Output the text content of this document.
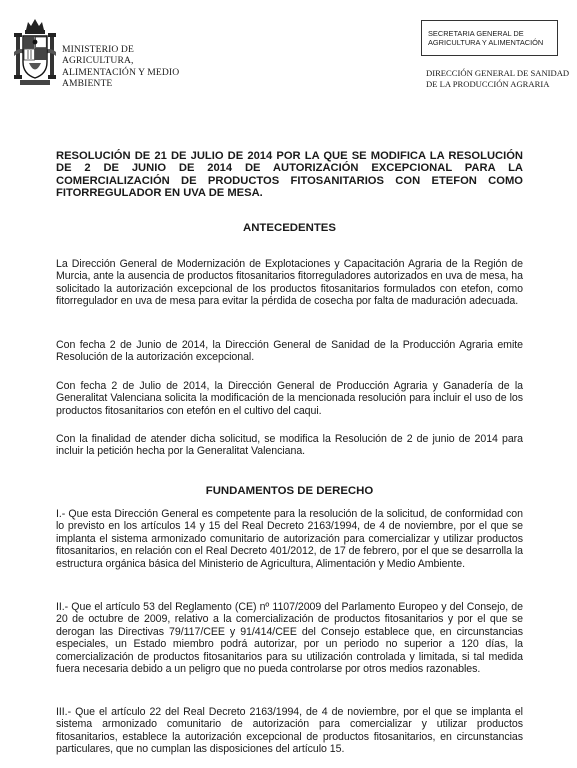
MINISTERIO DE
AGRICULTURA,
ALIMENTACIÓN Y MEDIO
AMBIENTE
SECRETARIA GENERAL DE
AGRICULTURA Y ALIMENTACIÓN
DIRECCIÓN GENERAL DE SANIDAD
DE LA PRODUCCIÓN AGRARIA
RESOLUCIÓN DE 21 DE JULIO DE 2014 POR LA QUE SE MODIFICA LA RESOLUCIÓN DE 2 DE JUNIO DE 2014 DE AUTORIZACIÓN EXCEPCIONAL PARA LA COMERCIALIZACIÓN DE PRODUCTOS FITOSANITARIOS CON ETEFON COMO FITORREGULADOR EN UVA DE MESA.
ANTECEDENTES
La Dirección General de Modernización de Explotaciones y Capacitación Agraria de la Región de Murcia, ante la ausencia de productos fitosanitarios fitorreguladores autorizados en uva de mesa, ha solicitado la autorización excepcional de los productos fitosanitarios formulados con etefon, como fitorregulador en uva de mesa para evitar la pérdida de cosecha por falta de maduración adecuada.
Con fecha 2 de Junio de 2014, la Dirección General de Sanidad de la Producción Agraria emite Resolución de la autorización excepcional.
Con fecha 2 de Julio de 2014, la Dirección General de Producción Agraria y Ganadería de la Generalitat Valenciana solicita la modificación de la mencionada resolución para incluir el uso de los productos fitosanitarios con etefón en el cultivo del caqui.
Con la finalidad de atender dicha solicitud, se modifica la Resolución de 2 de junio de 2014 para incluir la petición hecha por la Generalitat Valenciana.
FUNDAMENTOS DE DERECHO
I.- Que esta Dirección General es competente para la resolución de la solicitud, de conformidad con lo previsto en los artículos 14 y 15 del Real Decreto 2163/1994, de 4 de noviembre, por el que se implanta el sistema armonizado comunitario de autorización para comercializar y utilizar productos fitosanitarios, en relación con el Real Decreto 401/2012, de 17 de febrero, por el que se desarrolla la estructura orgánica básica del Ministerio de Agricultura, Alimentación y Medio Ambiente.
II.- Que el artículo 53 del Reglamento (CE) nº 1107/2009 del Parlamento Europeo y del Consejo, de 20 de octubre de 2009, relativo a la comercialización de productos fitosanitarios y por el que se derogan las Directivas 79/117/CEE y 91/414/CEE del Consejo establece que, en circunstancias especiales, un Estado miembro podrá autorizar, por un periodo no superior a 120 días, la comercialización de productos fitosanitarios para su utilización controlada y limitada, si tal medida fuera necesaria debido a un peligro que no pueda controlarse por otros medios razonables.
III.- Que el artículo 22 del Real Decreto 2163/1994, de 4 de noviembre, por el que se implanta el sistema armonizado comunitario de autorización para comercializar y utilizar productos fitosanitarios, establece la autorización excepcional de productos fitosanitarios, en circunstancias particulares, que no cumplan las disposiciones del artículo 15.
